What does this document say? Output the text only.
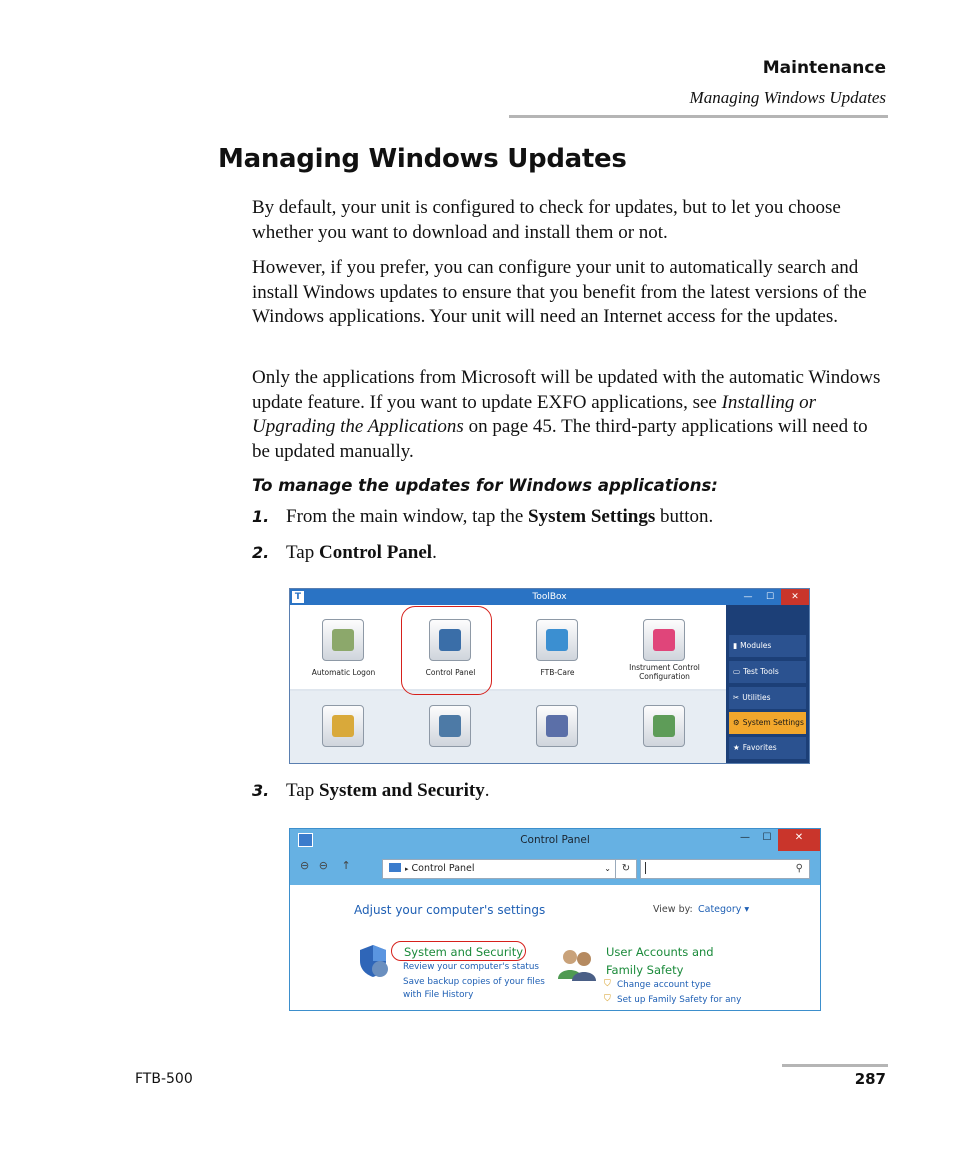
Maintenance
Managing Windows Updates
Managing Windows Updates
By default, your unit is configured to check for updates, but to let you choose whether you want to download and install them or not.
However, if you prefer, you can configure your unit to automatically search and install Windows updates to ensure that you benefit from the latest versions of the Windows applications. Your unit will need an Internet access for the updates.
Only the applications from Microsoft will be updated with the automatic Windows update feature. If you want to update EXFO applications, see Installing or Upgrading the Applications on page 45. The third-party applications will need to be updated manually.
To manage the updates for Windows applications:
1. From the main window, tap the System Settings button.
2. Tap Control Panel.
T	ToolBox	—	☐	✕
Automatic Logon	Control Panel	FTB-Care
Instrument Control Configuration
▮ Modules
▭ Test Tools
✂ Utilities
⚙ System Settings
★ Favorites
3. Tap System and Security.
Control Panel	—	☐	✕
⊖ ⊖ ↑	▸ Control Panel	⌄	↻	⚲
Adjust your computer's settings	View by: Category ▾
System and Security
Review your computer's status
Save backup copies of your files
with File History
User Accounts and
Family Safety
⛉ Change account type
⛉ Set up Family Safety for any
FTB-500	287
